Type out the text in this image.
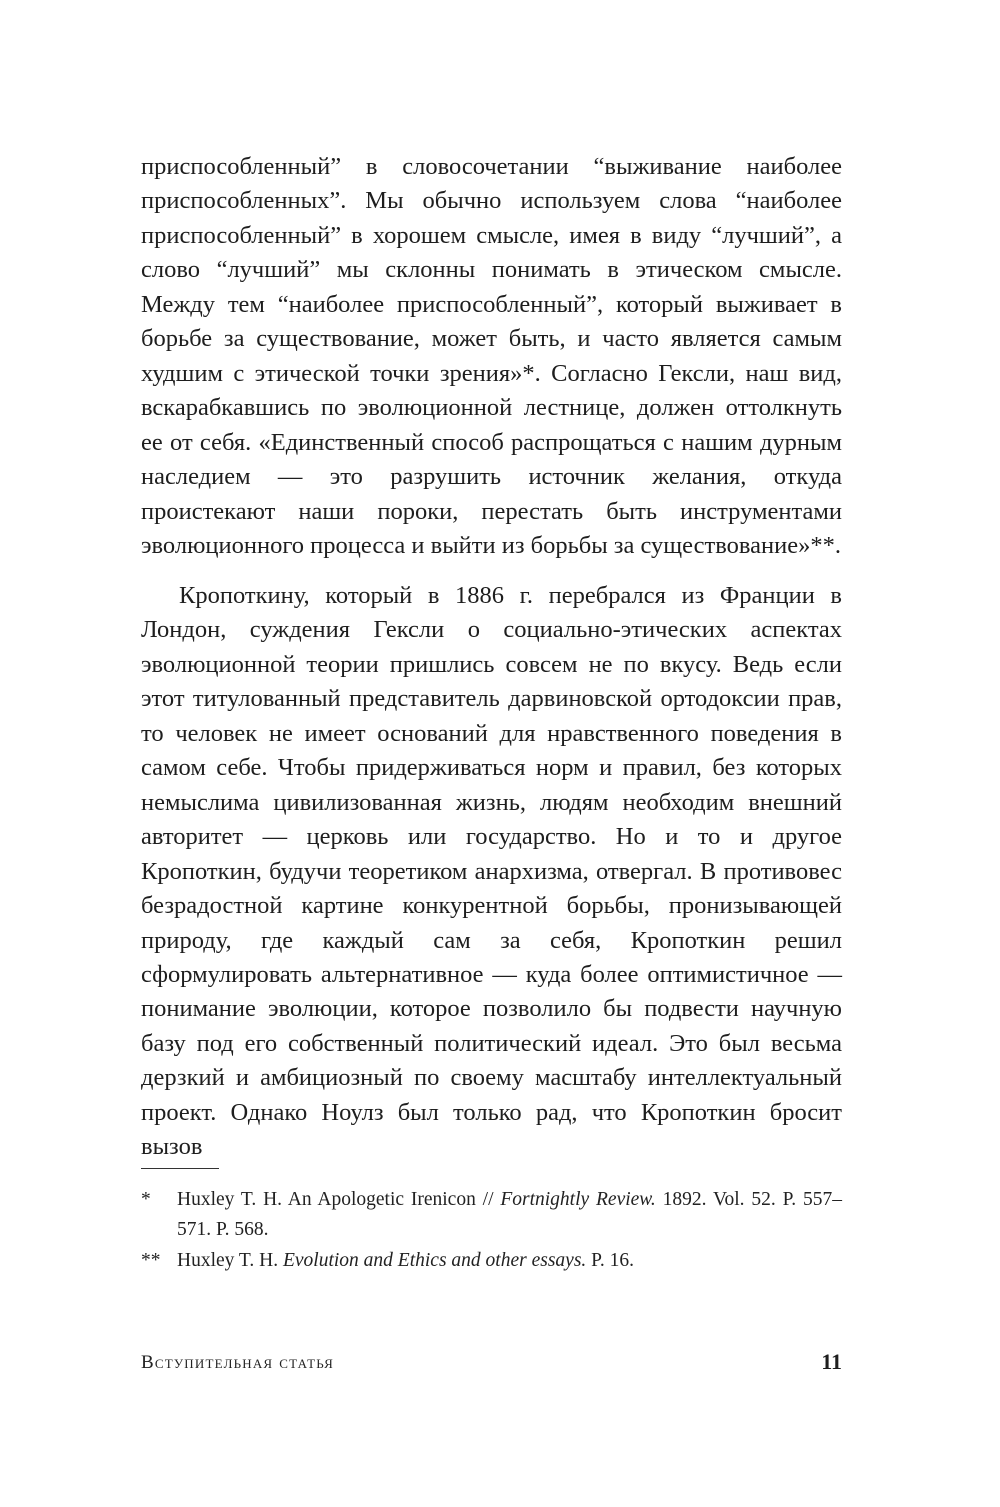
приспособленный” в словосочетании “выживание наиболее приспособленных”. Мы обычно используем слова “наиболее приспособленный” в хорошем смысле, имея в виду “лучший”, а слово “лучший” мы склонны понимать в этическом смысле. Между тем “наиболее приспособленный”, который выживает в борьбе за существование, может быть, и часто является самым худшим с этической точки зрения»*. Согласно Гексли, наш вид, вскарабкавшись по эволюционной лестнице, должен оттолкнуть ее от себя. «Единственный способ распрощаться с нашим дурным наследием — это разрушить источник желания, откуда проистекают наши пороки, перестать быть инструментами эволюционного процесса и выйти из борьбы за существование»**.

Кропоткину, который в 1886 г. перебрался из Франции в Лондон, суждения Гексли о социально-этических аспектах эволюционной теории пришлись совсем не по вкусу. Ведь если этот титулованный представитель дарвиновской ортодоксии прав, то человек не имеет оснований для нравственного поведения в самом себе. Чтобы придерживаться норм и правил, без которых немыслима цивилизованная жизнь, людям необходим внешний авторитет — церковь или государство. Но и то и другое Кропоткин, будучи теоретиком анархизма, отвергал. В противовес безрадостной картине конкурентной борьбы, пронизывающей природу, где каждый сам за себя, Кропоткин решил сформулировать альтернативное — куда более оптимистичное — понимание эволюции, которое позволило бы подвести научную базу под его собственный политический идеал. Это был весьма дерзкий и амбициозный по своему масштабу интеллектуальный проект. Однако Ноулз был только рад, что Кропоткин бросит вызов

* Huxley T. H. An Apologetic Irenicon // Fortnightly Review. 1892. Vol. 52. P. 557–571. P. 568.
** Huxley T. H. Evolution and Ethics and other essays. P. 16.
Вступительная статья	11
